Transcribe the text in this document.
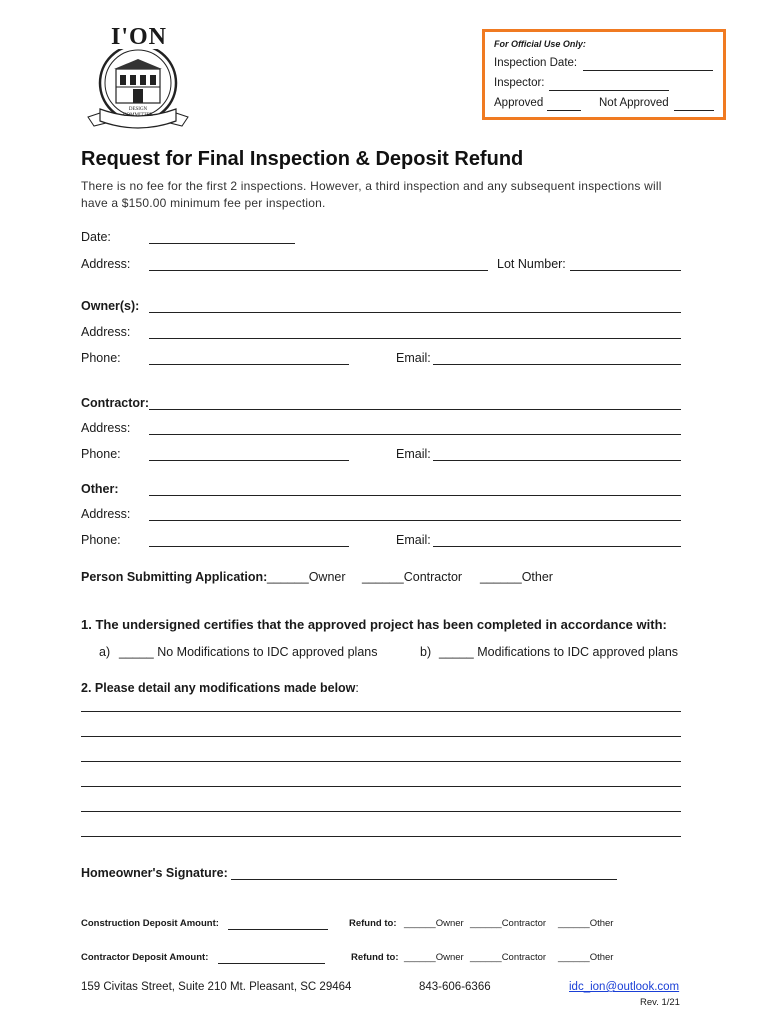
I'ON
DESIGN COMMITTEE
For Official Use Only:
Inspection Date:
Inspector:
Approved	Not Approved
Request for Final Inspection & Deposit Refund
There is no fee for the first 2 inspections. However, a third inspection and any subsequent inspections will have a $150.00 minimum fee per inspection.
Date:
Address:	Lot Number:
Owner(s):
Address:
Phone:	Email:
Contractor:
Address:
Phone:	Email:
Other:
Address:
Phone:	Email:
Person Submitting Application: ______Owner ______Contractor ______Other
1. The undersigned certifies that the approved project has been completed in accordance with:
a) _____ No Modifications to IDC approved plans	b) _____ Modifications to IDC approved plans
2. Please detail any modifications made below:
Homeowner's Signature:
Construction Deposit Amount:	Refund to: ______Owner ______Contractor ______Other
Contractor Deposit Amount:	Refund to: ______Owner ______Contractor ______Other
159 Civitas Street, Suite 210 Mt. Pleasant, SC 29464	843-606-6366	idc_ion@outlook.com
Rev. 1/21
